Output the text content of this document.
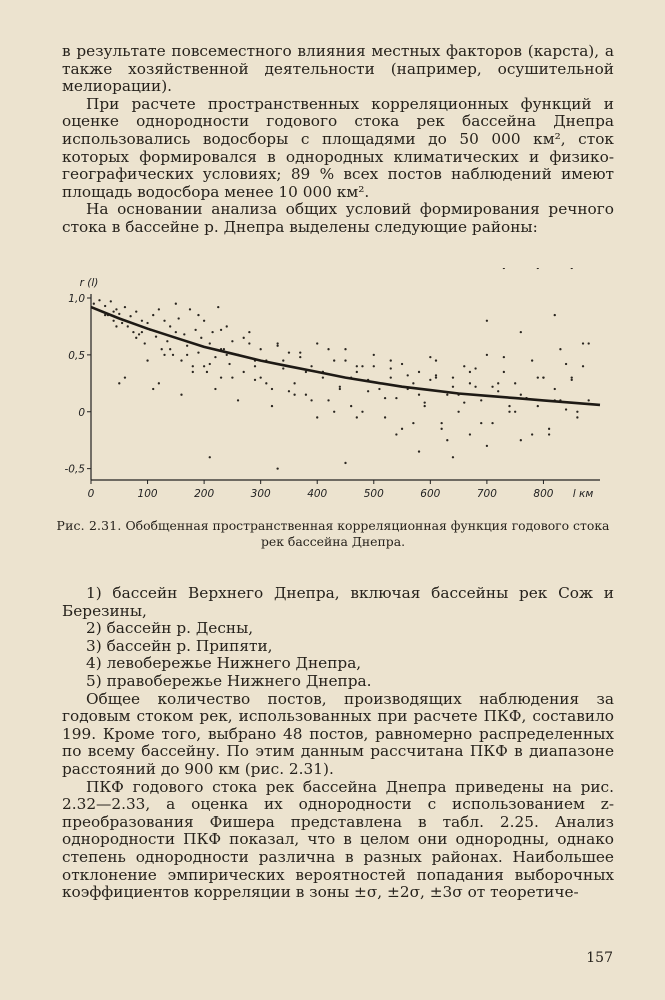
в результате повсеместного влияния местных факторов (карста), а также хозяйственной деятельности (например, осушительной мелиорации).

При расчете пространственных корреляционных функций и оценке однородности годового стока рек бассейна Днепра использовались водосборы с площадями до 50 000 км², сток которых формировался в однородных климатических и физико-географических условиях; 89 % всех постов наблюдений имеют площадь водосбора менее 10 000 км².

На основании анализа общих условий формирования речного стока в бассейне р. Днепра выделены следующие районы:

1,0
0,5
0
-0,5
0	100	200	300	400	500	600	700	800
r (l)
l км
Рис. 2.31. Обобщенная пространственная корреляционная функция годового стока рек бассейна Днепра.

1) бассейн Верхнего Днепра, включая бассейны рек Сож и Березины,

2) бассейн р. Десны,

3) бассейн р. Припяти,

4) левобережье Нижнего Днепра,

5) правобережье Нижнего Днепра.

Общее количество постов, производящих наблюдения за годовым стоком рек, использованных при расчете ПКФ, составило 199. Кроме того, выбрано 48 постов, равномерно распределенных по всему бассейну. По этим данным рассчитана ПКФ в диапазоне расстояний до 900 км (рис. 2.31).

ПКФ годового стока рек бассейна Днепра приведены на рис. 2.32—2.33, а оценка их однородности с использованием z-преобразования Фишера представлена в табл. 2.25. Анализ однородности ПКФ показал, что в целом они однородны, однако степень однородности различна в разных районах. Наибольшее отклонение эмпирических вероятностей попадания выборочных коэффициентов корреляции в зоны ±σ, ±2σ, ±3σ от теоретиче-

157
